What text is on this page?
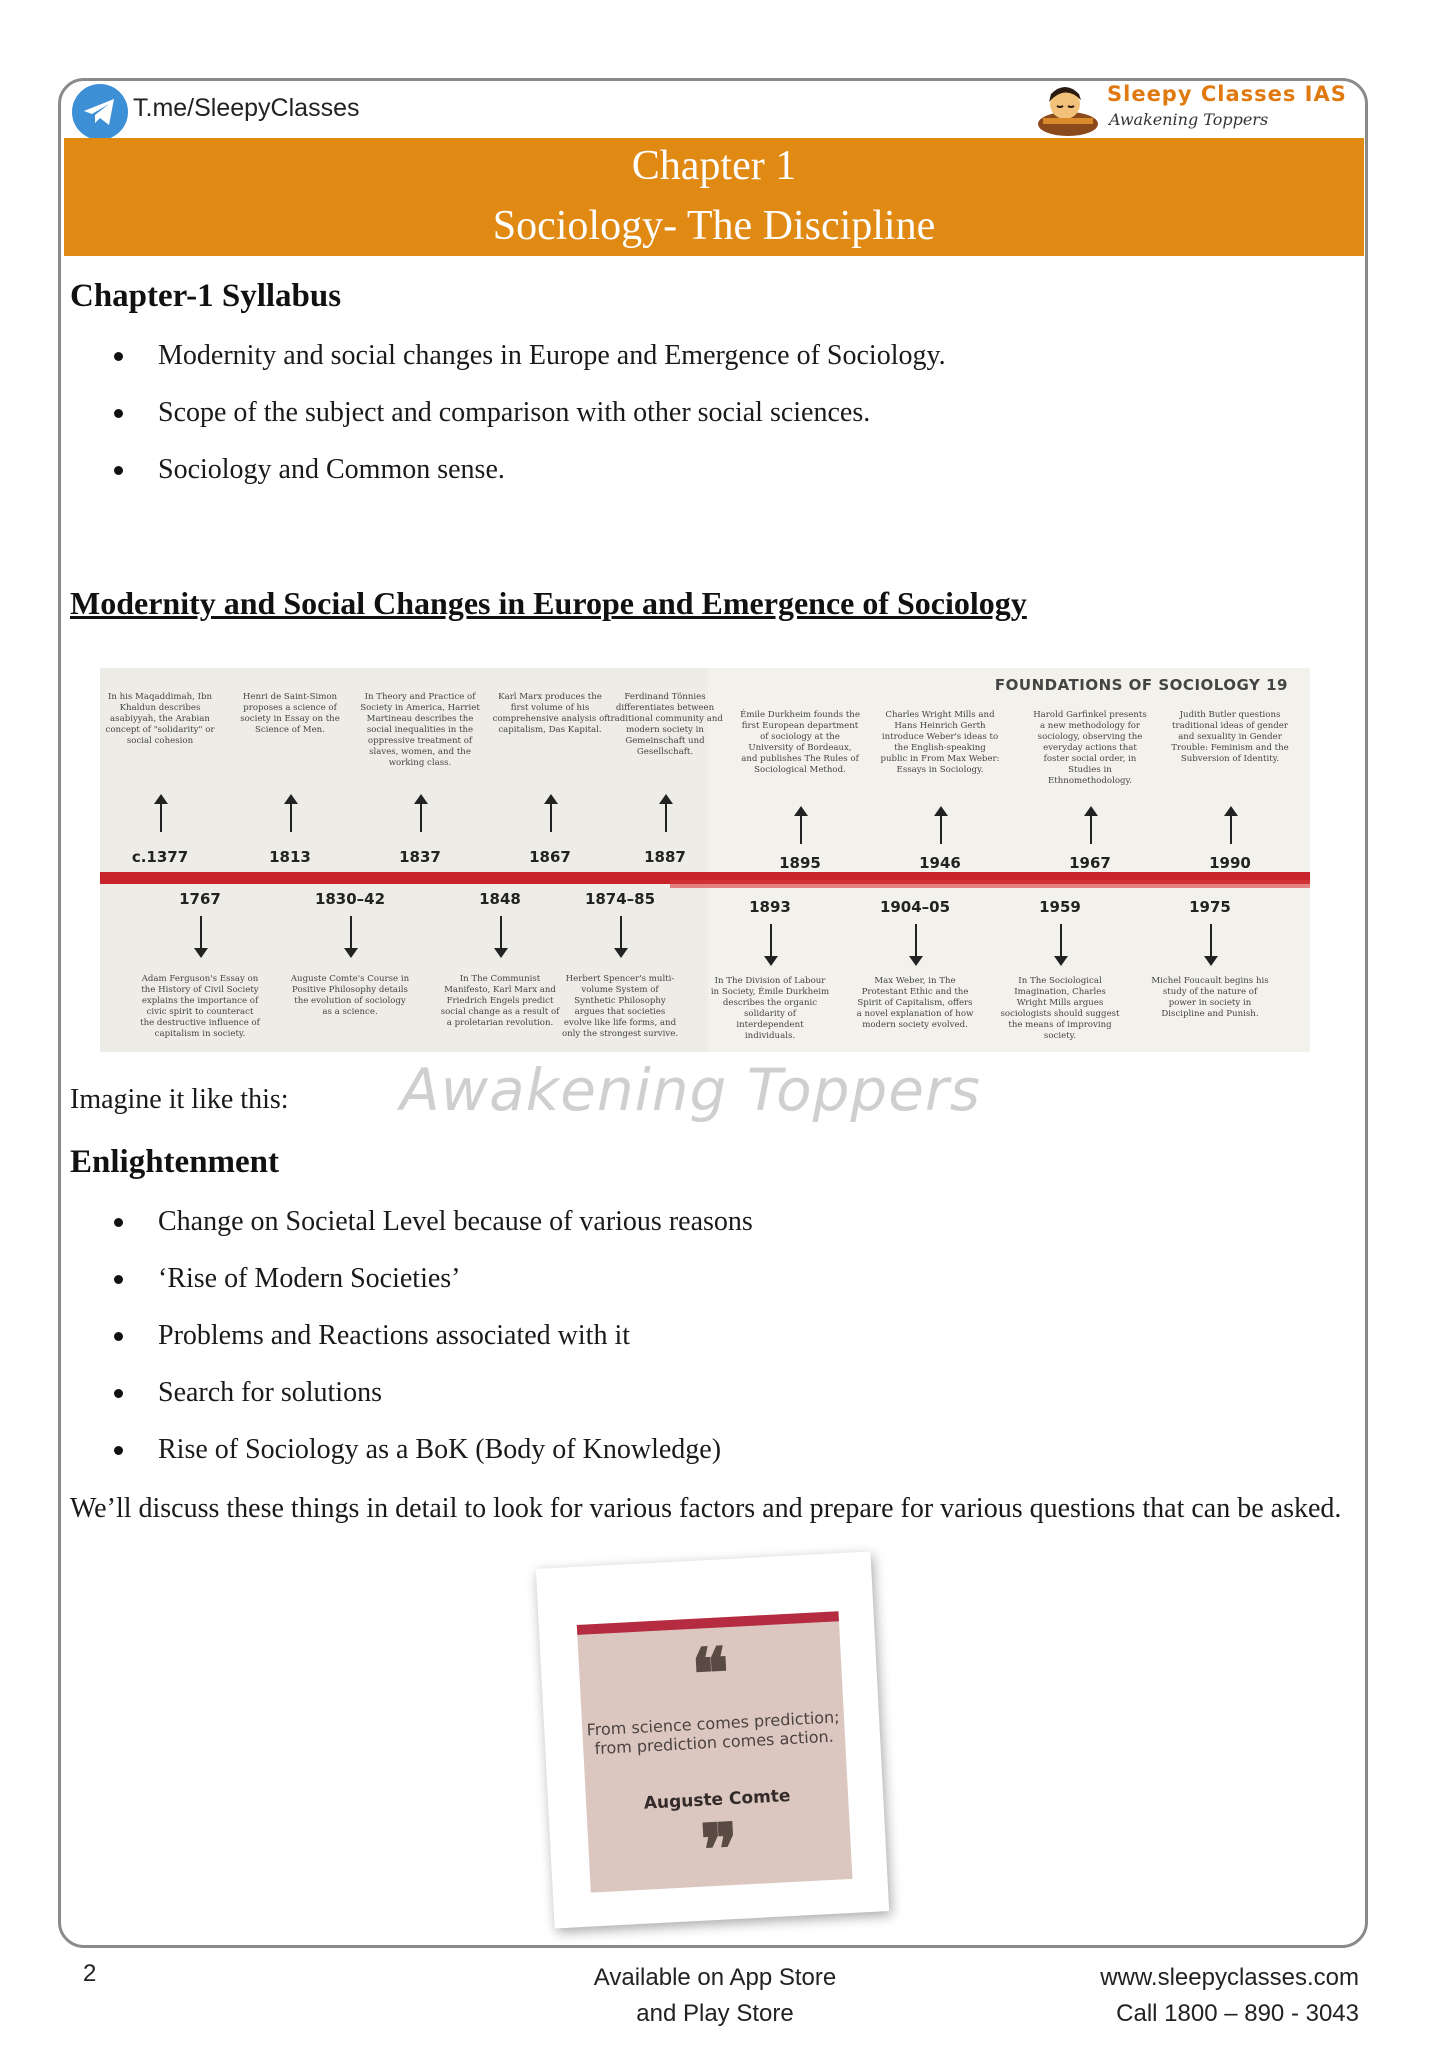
T.me/SleepyClasses	Sleepy Classes IAS
Awakening Toppers
Chapter 1
Sociology- The Discipline
Chapter-1 Syllabus
Modernity and social changes in Europe and Emergence of Sociology.
Scope of the subject and comparison with other social sciences.
Sociology and Common sense.
Modernity and Social Changes in Europe and Emergence of Sociology
FOUNDATIONS OF SOCIOLOGY 19
In his Maqaddimah, Ibn Khaldun describes asabiyyah, the Arabian concept of "solidarity" or social cohesion
c.1377
Henri de Saint-Simon proposes a science of society in Essay on the Science of Men.
1813
In Theory and Practice of Society in America, Harriet Martineau describes the social inequalities in the oppressive treatment of slaves, women, and the working class.
1837
Karl Marx produces the first volume of his comprehensive analysis of capitalism, Das Kapital.
1867
Ferdinand Tönnies differentiates between traditional community and modern society in Gemeinschaft und Gesellschaft.
1887
Émile Durkheim founds the first European department of sociology at the University of Bordeaux, and publishes The Rules of Sociological Method.
1895
Charles Wright Mills and Hans Heinrich Gerth introduce Weber's ideas to the English-speaking public in From Max Weber: Essays in Sociology.
1946
Harold Garfinkel presents a new methodology for sociology, observing the everyday actions that foster social order, in Studies in Ethnomethodology.
1967
Judith Butler questions traditional ideas of gender and sexuality in Gender Trouble: Feminism and the Subversion of Identity.
1990
1767
Adam Ferguson's Essay on the History of Civil Society explains the importance of civic spirit to counteract the destructive influence of capitalism in society.
1830–42
Auguste Comte's Course in Positive Philosophy details the evolution of sociology as a science.
1848
In The Communist Manifesto, Karl Marx and Friedrich Engels predict social change as a result of a proletarian revolution.
1874–85
Herbert Spencer's multi-volume System of Synthetic Philosophy argues that societies evolve like life forms, and only the strongest survive.
1893
In The Division of Labour in Society, Émile Durkheim describes the organic solidarity of interdependent individuals.
1904–05
Max Weber, in The Protestant Ethic and the Spirit of Capitalism, offers a novel explanation of how modern society evolved.
1959
In The Sociological Imagination, Charles Wright Mills argues sociologists should suggest the means of improving society.
1975
Michel Foucault begins his study of the nature of power in society in Discipline and Punish.
Imagine it like this: Awakening Toppers
Enlightenment
Change on Societal Level because of various reasons
‘Rise of Modern Societies’
Problems and Reactions associated with it
Search for solutions
Rise of Sociology as a BoK (Body of Knowledge)
We’ll discuss these things in detail to look for various factors and prepare for various questions that can be asked.
❝
From science comes prediction; from prediction comes action.
Auguste Comte
❞
2	Available on App Store
and Play Store
www.sleepyclasses.com
Call 1800 – 890 - 3043
